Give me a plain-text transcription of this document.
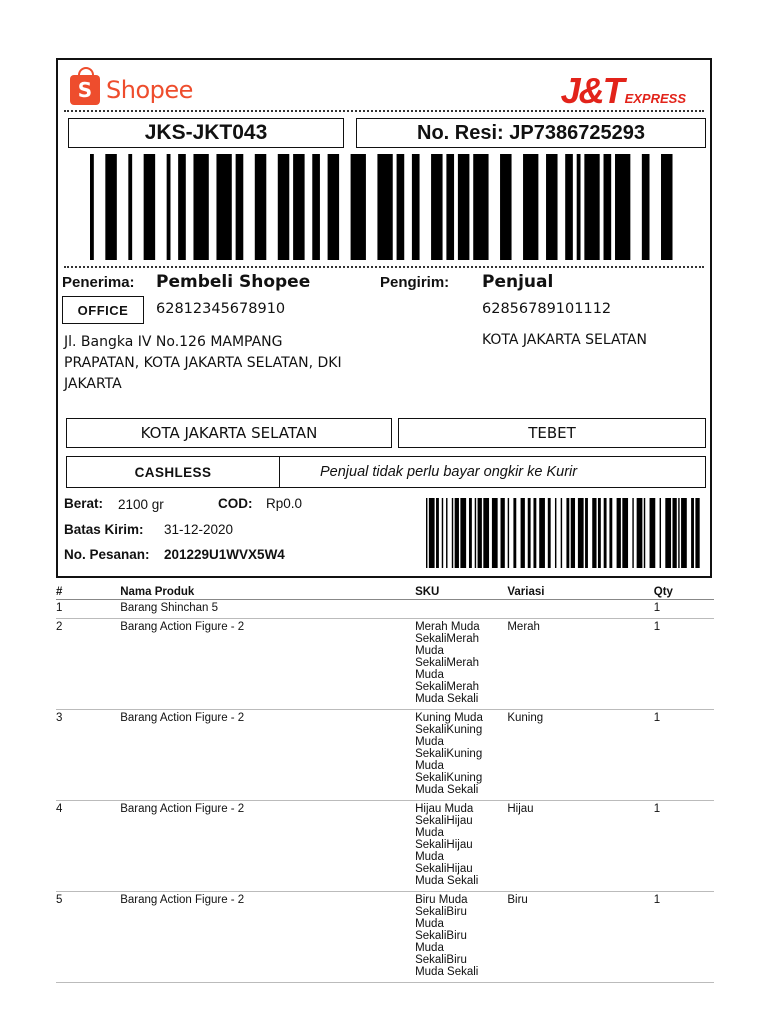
S Shopee	J&T EXPRESS
JKS-JKT043	No. Resi:
JP7386725293
Penerima: Pembeli Shopee	Pengirim: Penjual
OFFICE 62812345678910	62856789101112
Jl. Bangka IV No.126 MAMPANG PRAPATAN, KOTA JAKARTA SELATAN, DKI JAKARTA
KOTA JAKARTA SELATAN
KOTA JAKARTA SELATAN	TEBET
CASHLESS	Penjual tidak perlu bayar ongkir ke Kurir
Berat: 2100 gr	COD: Rp0.0
Batas Kirim: 31-12-2020
No. Pesanan: 201229U1WVX5W4
#	Nama Produk	SKU	Variasi	Qty
1	Barang Shinchan 5			1
2	Barang Action Figure - 2	Merah Muda SekaliMerah Muda SekaliMerah Muda SekaliMerah Muda Sekali	Merah	1
3	Barang Action Figure - 2	Kuning Muda SekaliKuning Muda SekaliKuning Muda SekaliKuning Muda Sekali	Kuning	1
4	Barang Action Figure - 2	Hijau Muda SekaliHijau Muda SekaliHijau Muda SekaliHijau Muda Sekali	Hijau	1
5	Barang Action Figure - 2	Biru Muda SekaliBiru Muda SekaliBiru Muda SekaliBiru Muda Sekali	Biru	1
